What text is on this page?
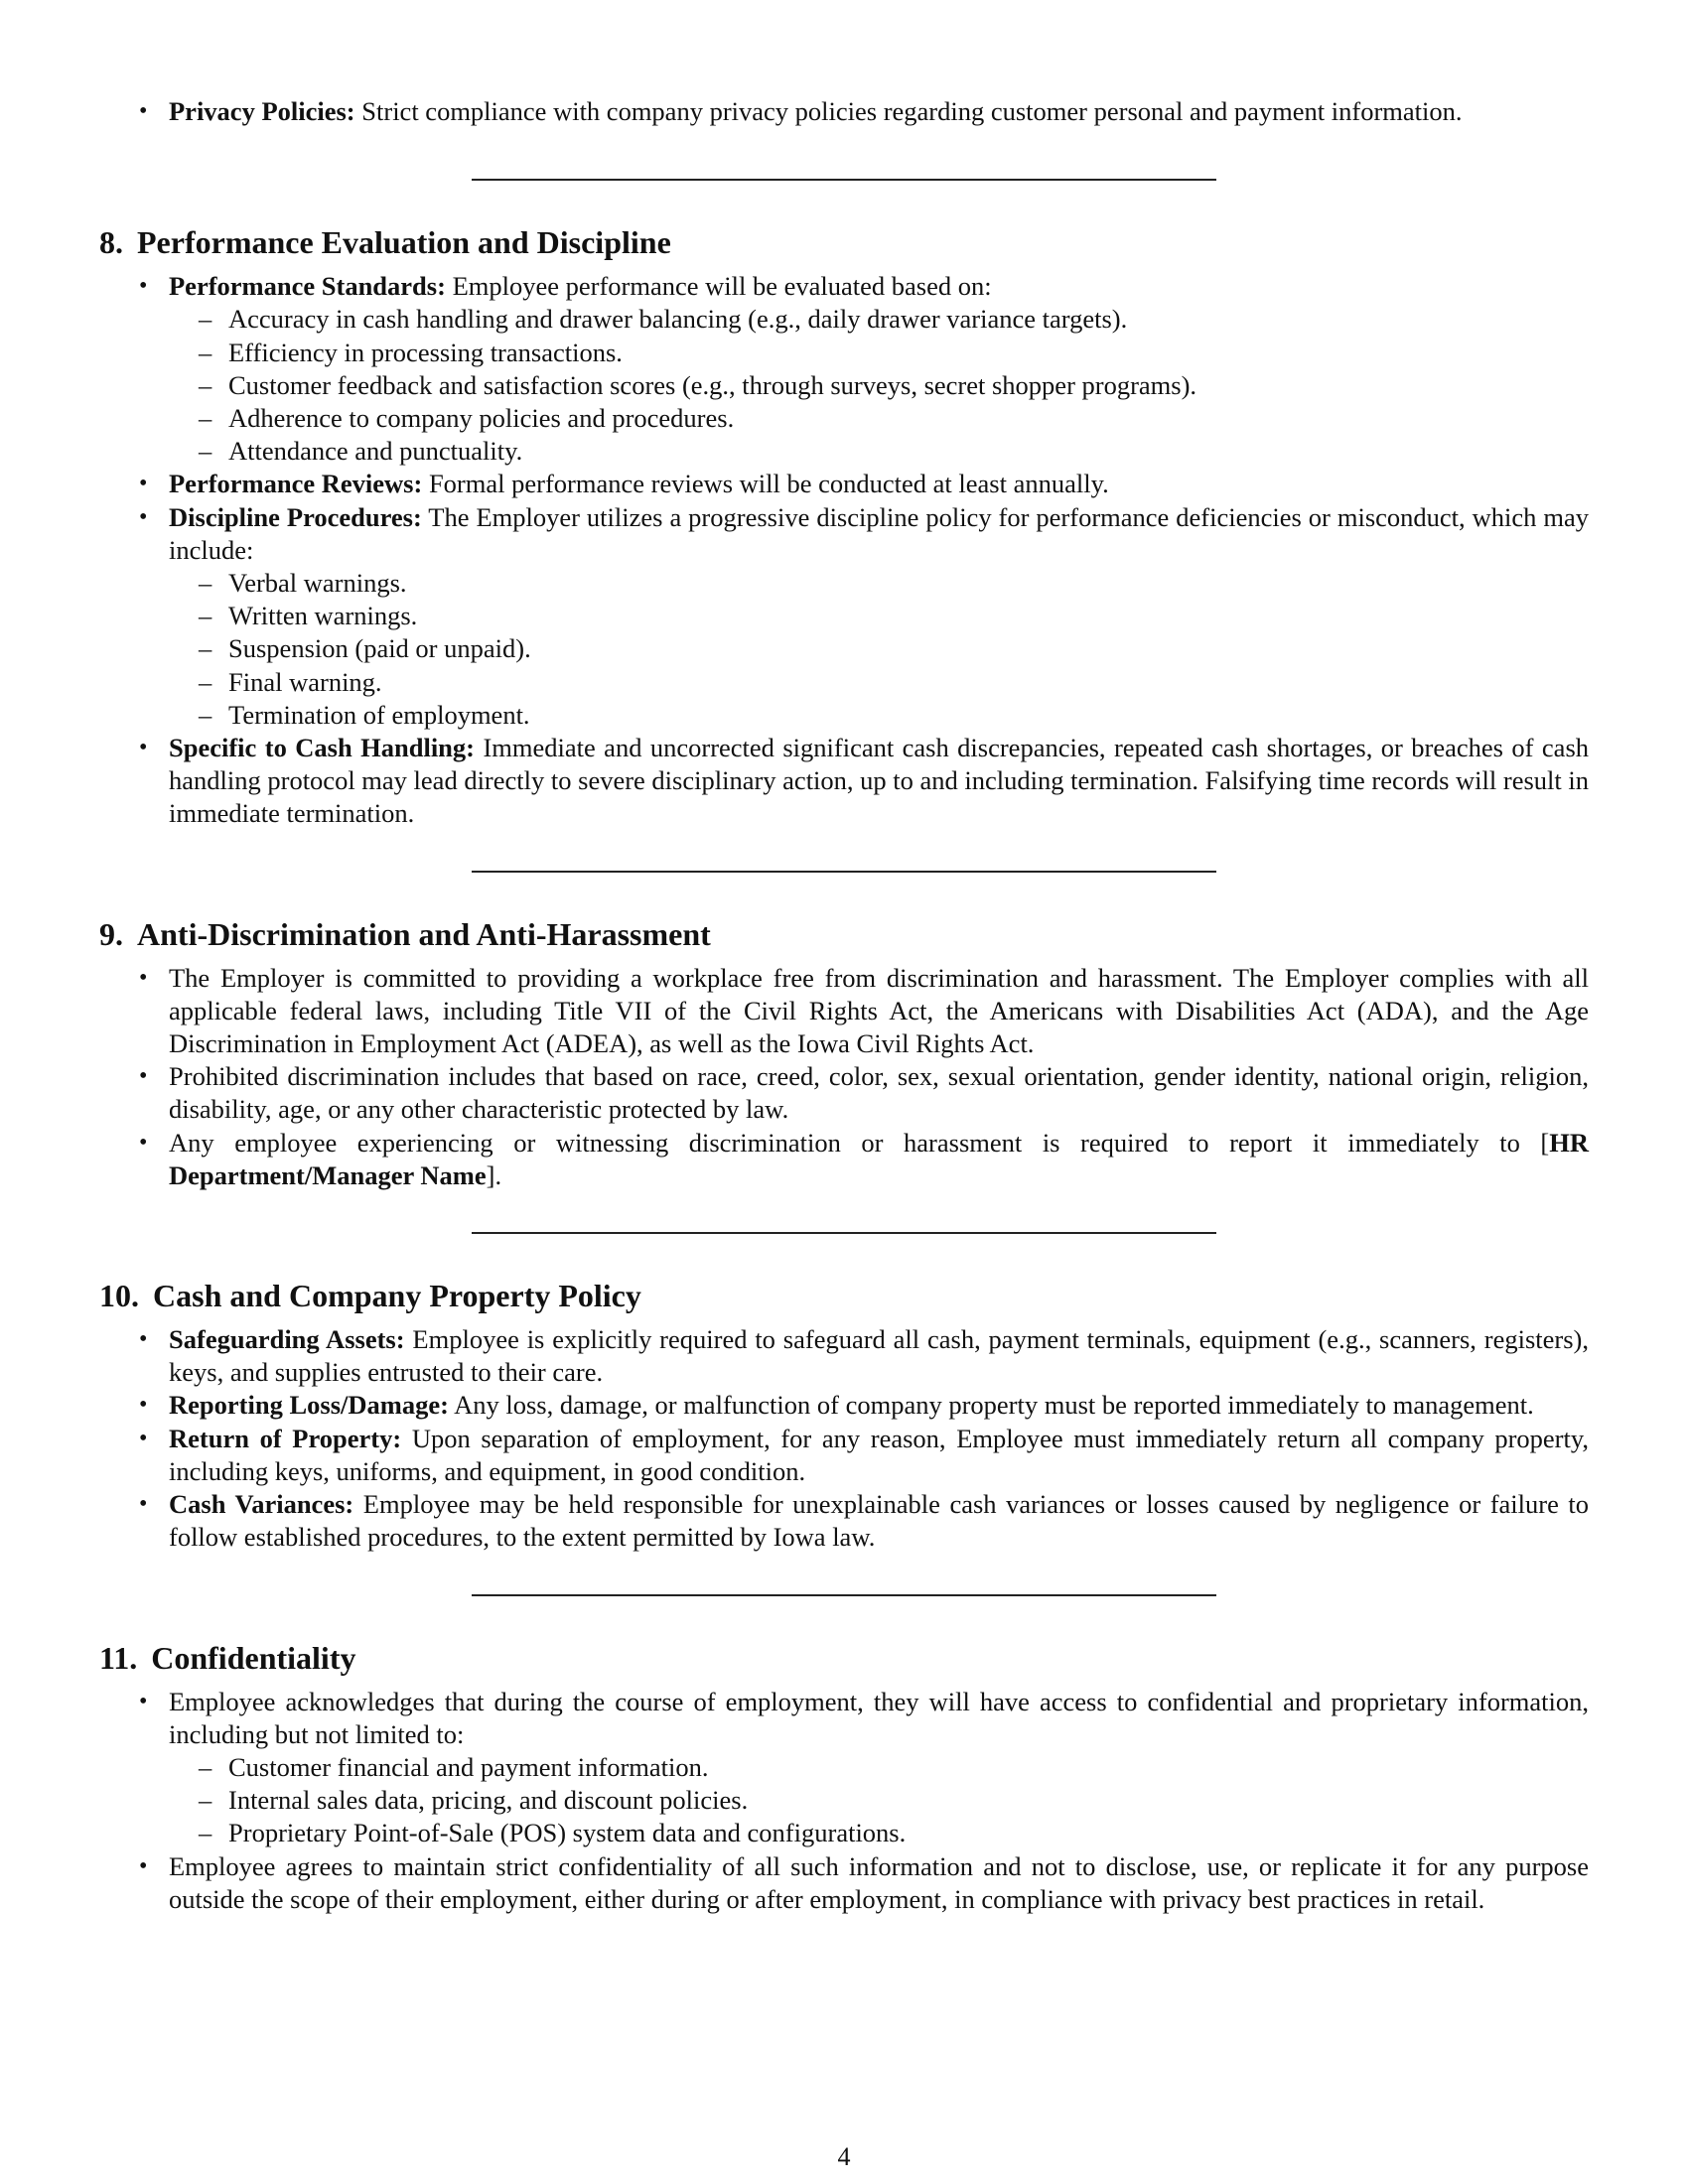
• Privacy Policies: Strict compliance with company privacy policies regarding customer personal and payment information.
8. Performance Evaluation and Discipline
• Performance Standards: Employee performance will be evaluated based on:
– Accuracy in cash handling and drawer balancing (e.g., daily drawer variance targets).
– Efficiency in processing transactions.
– Customer feedback and satisfaction scores (e.g., through surveys, secret shopper programs).
– Adherence to company policies and procedures.
– Attendance and punctuality.
• Performance Reviews: Formal performance reviews will be conducted at least annually.
• Discipline Procedures: The Employer utilizes a progressive discipline policy for performance deficiencies or misconduct, which may include:
– Verbal warnings.
– Written warnings.
– Suspension (paid or unpaid).
– Final warning.
– Termination of employment.
• Specific to Cash Handling: Immediate and uncorrected significant cash discrepancies, repeated cash shortages, or breaches of cash handling protocol may lead directly to severe disciplinary action, up to and including termination. Falsifying time records will result in immediate termination.
9. Anti-Discrimination and Anti-Harassment
• The Employer is committed to providing a workplace free from discrimination and harassment. The Employer complies with all applicable federal laws, including Title VII of the Civil Rights Act, the Americans with Disabilities Act (ADA), and the Age Discrimination in Employment Act (ADEA), as well as the Iowa Civil Rights Act.
• Prohibited discrimination includes that based on race, creed, color, sex, sexual orientation, gender identity, national origin, religion, disability, age, or any other characteristic protected by law.
• Any employee experiencing or witnessing discrimination or harassment is required to report it immediately to [HR Department/Manager Name].
10. Cash and Company Property Policy
• Safeguarding Assets: Employee is explicitly required to safeguard all cash, payment terminals, equipment (e.g., scanners, registers), keys, and supplies entrusted to their care.
• Reporting Loss/Damage: Any loss, damage, or malfunction of company property must be reported immediately to management.
• Return of Property: Upon separation of employment, for any reason, Employee must immediately return all company property, including keys, uniforms, and equipment, in good condition.
• Cash Variances: Employee may be held responsible for unexplainable cash variances or losses caused by negligence or failure to follow established procedures, to the extent permitted by Iowa law.
11. Confidentiality
• Employee acknowledges that during the course of employment, they will have access to confidential and proprietary information, including but not limited to:
– Customer financial and payment information.
– Internal sales data, pricing, and discount policies.
– Proprietary Point-of-Sale (POS) system data and configurations.
• Employee agrees to maintain strict confidentiality of all such information and not to disclose, use, or replicate it for any purpose outside the scope of their employment, either during or after employment, in compliance with privacy best practices in retail.
4
